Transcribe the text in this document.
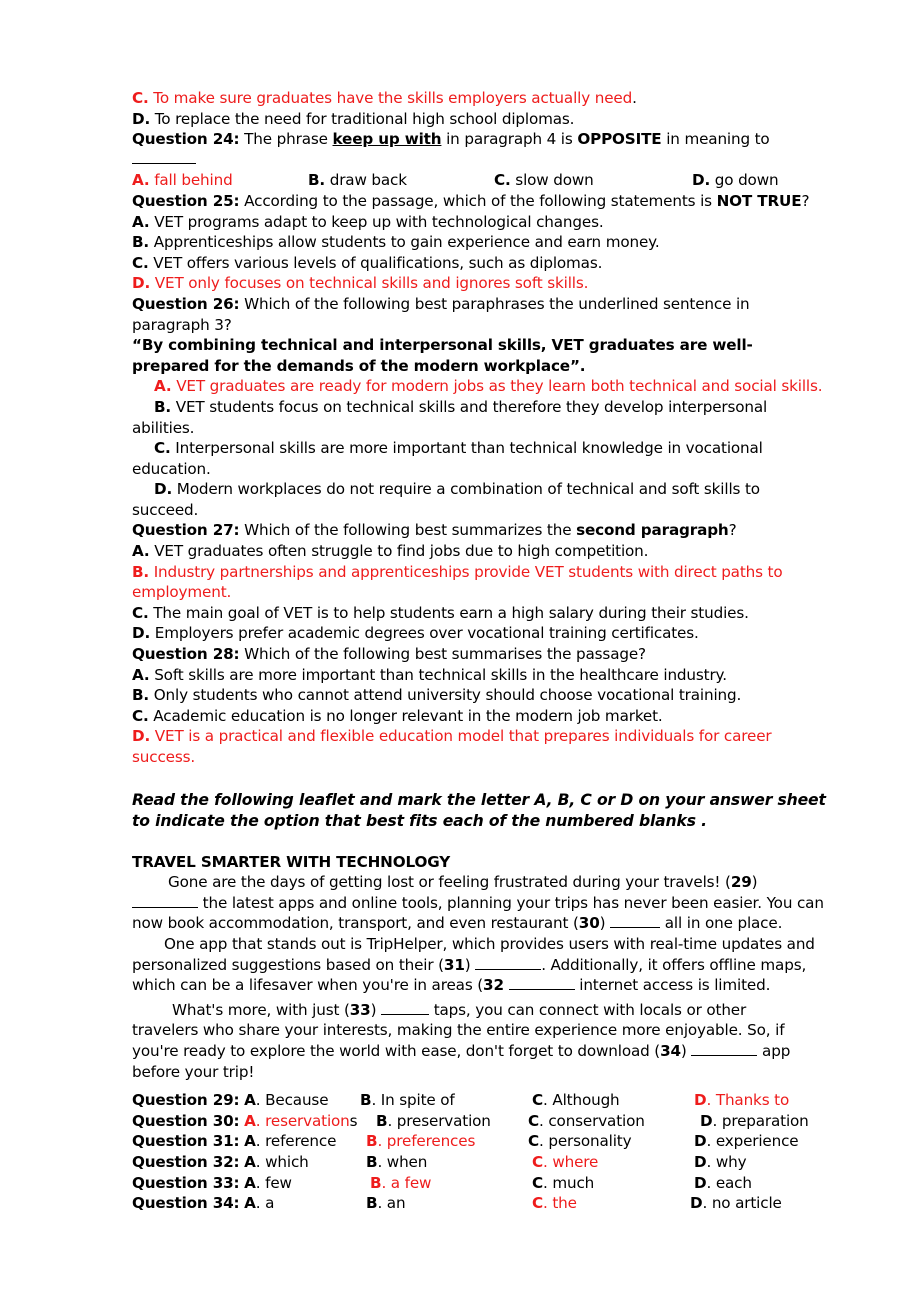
C. To make sure graduates have the skills employers actually need.
D. To replace the need for traditional high school diplomas.
Question 24: The phrase keep up with in paragraph 4 is OPPOSITE in meaning to
A. fall behind	B. draw back	C. slow down	D. go down
Question 25: According to the passage, which of the following statements is NOT TRUE?
A. VET programs adapt to keep up with technological changes.
B. Apprenticeships allow students to gain experience and earn money.
C. VET offers various levels of qualifications, such as diplomas.
D. VET only focuses on technical skills and ignores soft skills.
Question 26: Which of the following best paraphrases the underlined sentence in
paragraph 3?
“By combining technical and interpersonal skills, VET graduates are well-
prepared for the demands of the modern workplace”.
A. VET graduates are ready for modern jobs as they learn both technical and social skills.
B. VET students focus on technical skills and therefore they develop interpersonal
abilities.
C. Interpersonal skills are more important than technical knowledge in vocational
education.
D. Modern workplaces do not require a combination of technical and soft skills to
succeed.
Question 27: Which of the following best summarizes the second paragraph?
A. VET graduates often struggle to find jobs due to high competition.
B. Industry partnerships and apprenticeships provide VET students with direct paths to
employment.
C. The main goal of VET is to help students earn a high salary during their studies.
D. Employers prefer academic degrees over vocational training certificates.
Question 28: Which of the following best summarises the passage?
A. Soft skills are more important than technical skills in the healthcare industry.
B. Only students who cannot attend university should choose vocational training.
C. Academic education is no longer relevant in the modern job market.
D. VET is a practical and flexible education model that prepares individuals for career
success.
Read the following leaflet and mark the letter A, B, C or D on your answer sheet
to indicate the option that best fits each of the numbered blanks .
TRAVEL SMARTER WITH TECHNOLOGY
Gone are the days of getting lost or feeling frustrated during your travels! (29)
the latest apps and online tools, planning your trips has never been easier. You can
now book accommodation, transport, and even restaurant (30)	all in one place.
One app that stands out is TripHelper, which provides users with real-time updates and
personalized suggestions based on their (31)	. Additionally, it offers offline maps,
which can be a lifesaver when you're in areas (32	internet access is limited.
What's more, with just (33)	taps, you can connect with locals or other
travelers who share your interests, making the entire experience more enjoyable. So, if
you're ready to explore the world with ease, don't forget to download (34)	app
before your trip!
Question 29: A. Because B. In spite of	C. Although	D. Thanks to
Question 30: A. reservations B. preservation C. conservation	D. preparation
Question 31: A. reference B. preferences	C. personality	D. experience
Question 32: A. which	B. when	C. where	D. why
Question 33: A. few	B. a few	C. much	D. each
Question 34: A. a	B. an	C. the	D. no article
